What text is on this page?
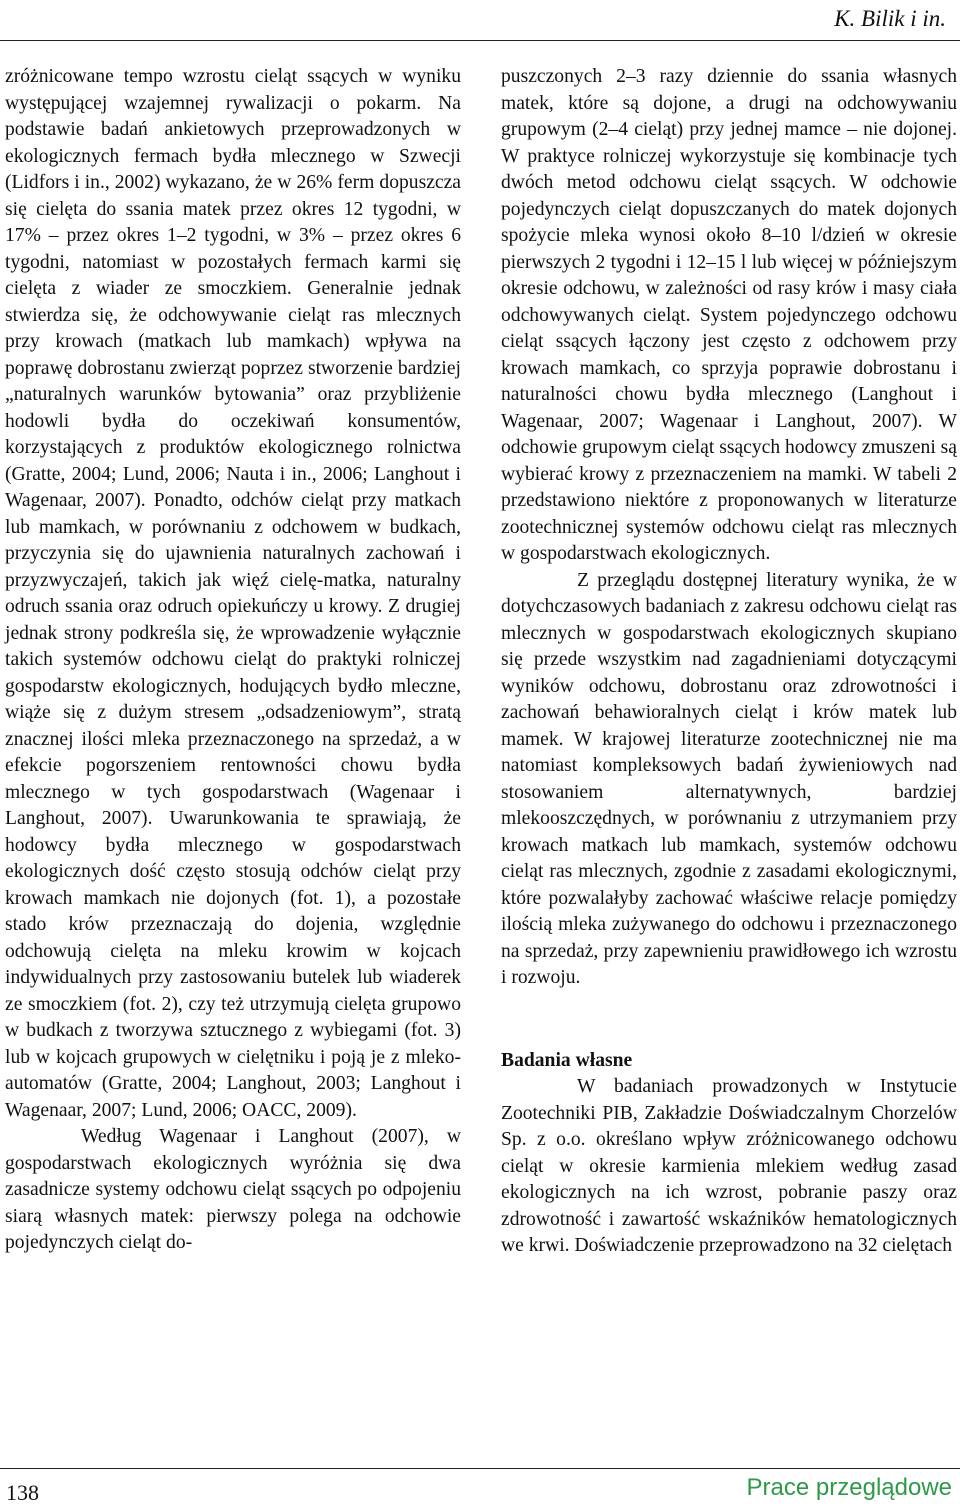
K. Bilik i in.

zróżnicowane tempo wzrostu cieląt ssących w wyniku występującej wzajemnej rywalizacji o pokarm. Na podstawie badań ankietowych przeprowadzonych w ekologicznych fermach bydła mlecznego w Szwecji (Lidfors i in., 2002) wykazano, że w 26% ferm dopuszcza się cielęta do ssania matek przez okres 12 tygodni, w 17% – przez okres 1–2 tygodni, w 3% – przez okres 6 tygodni, natomiast w pozostałych fermach karmi się cielęta z wiader ze smoczkiem. Generalnie jednak stwierdza się, że odchowywanie cieląt ras mlecznych przy krowach (matkach lub mamkach) wpływa na poprawę dobrostanu zwierząt poprzez stworzenie bardziej „naturalnych warunków bytowania” oraz przybliżenie hodowli bydła do oczekiwań konsumentów, korzystających z produktów ekologicznego rolnictwa (Gratte, 2004; Lund, 2006; Nauta i in., 2006; Langhout i Wagenaar, 2007). Ponadto, odchów cieląt przy matkach lub mamkach, w porównaniu z odchowem w budkach, przyczynia się do ujawnienia naturalnych zachowań i przyzwyczajeń, takich jak więź cielę-matka, naturalny odruch ssania oraz odruch opiekuńczy u krowy. Z drugiej jednak strony podkreśla się, że wprowadzenie wyłącznie takich systemów odchowu cieląt do praktyki rolniczej gospodarstw ekologicznych, hodujących bydło mleczne, wiąże się z dużym stresem „odsadzeniowym”, stratą znacznej ilości mleka przeznaczonego na sprzedaż, a w efekcie pogorszeniem rentowności chowu bydła mlecznego w tych gospodarstwach (Wagenaar i Langhout, 2007). Uwarunkowania te sprawiają, że hodowcy bydła mlecznego w gospodarstwach ekologicznych dość często stosują odchów cieląt przy krowach mamkach nie dojonych (fot. 1), a pozostałe stado krów przeznaczają do dojenia, względnie odchowują cielęta na mleku krowim w kojcach indywidualnych przy zastosowaniu butelek lub wiaderek ze smoczkiem (fot. 2), czy też utrzymują cielęta grupowo w budkach z tworzywa sztucznego z wybiegami (fot. 3) lub w kojcach grupowych w cielętniku i poją je z mleko-automatów (Gratte, 2004; Langhout, 2003; Langhout i Wagenaar, 2007; Lund, 2006; OACC, 2009).

Według Wagenaar i Langhout (2007), w gospodarstwach ekologicznych wyróżnia się dwa zasadnicze systemy odchowu cieląt ssących po odpojeniu siarą własnych matek: pierwszy polega na odchowie pojedynczych cieląt do-

puszczonych 2–3 razy dziennie do ssania własnych matek, które są dojone, a drugi na odchowywaniu grupowym (2–4 cieląt) przy jednej mamce – nie dojonej. W praktyce rolniczej wykorzystuje się kombinacje tych dwóch metod odchowu cieląt ssących. W odchowie pojedynczych cieląt dopuszczanych do matek dojonych spożycie mleka wynosi około 8–10 l/dzień w okresie pierwszych 2 tygodni i 12–15 l lub więcej w późniejszym okresie odchowu, w zależności od rasy krów i masy ciała odchowywanych cieląt. System pojedynczego odchowu cieląt ssących łączony jest często z odchowem przy krowach mamkach, co sprzyja poprawie dobrostanu i naturalności chowu bydła mlecznego (Langhout i Wagenaar, 2007; Wagenaar i Langhout, 2007). W odchowie grupowym cieląt ssących hodowcy zmuszeni są wybierać krowy z przeznaczeniem na mamki. W tabeli 2 przedstawiono niektóre z proponowanych w literaturze zootechnicznej systemów odchowu cieląt ras mlecznych w gospodarstwach ekologicznych.

Z przeglądu dostępnej literatury wynika, że w dotychczasowych badaniach z zakresu odchowu cieląt ras mlecznych w gospodarstwach ekologicznych skupiano się przede wszystkim nad zagadnieniami dotyczącymi wyników odchowu, dobrostanu oraz zdrowotności i zachowań behawioralnych cieląt i krów matek lub mamek. W krajowej literaturze zootechnicznej nie ma natomiast kompleksowych badań żywieniowych nad stosowaniem alternatywnych, bardziej mlekooszczędnych, w porównaniu z utrzymaniem przy krowach matkach lub mamkach, systemów odchowu cieląt ras mlecznych, zgodnie z zasadami ekologicznymi, które pozwalałyby zachować właściwe relacje pomiędzy ilością mleka zużywanego do odchowu i przeznaczonego na sprzedaż, przy zapewnieniu prawidłowego ich wzrostu i rozwoju.

Badania własne

W badaniach prowadzonych w Instytucie Zootechniki PIB, Zakładzie Doświadczalnym Chorzelów Sp. z o.o. określano wpływ zróżnicowanego odchowu cieląt w okresie karmienia mlekiem według zasad ekologicznych na ich wzrost, pobranie paszy oraz zdrowotność i zawartość wskaźników hematologicznych we krwi. Doświadczenie przeprowadzono na 32 cielętach

138	Prace przeglądowe
